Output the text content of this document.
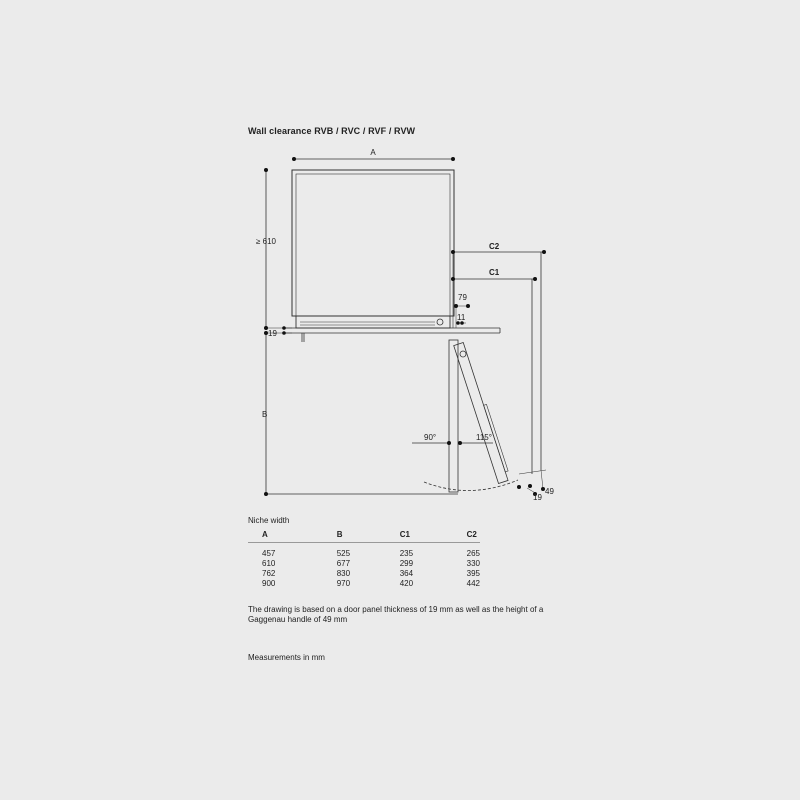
Wall clearance RVB / RVC / RVF / RVW
A
≥ 610
19
B
C2
C1
79
11
90°	115°
19
49
Niche width
A	B	C1	C2
457	525	235	265
610	677	299	330
762	830	364	395
900	970	420	442
The drawing is based on a door panel thickness of 19 mm as well as the height of a Gaggenau handle of 49 mm
Measurements in mm
